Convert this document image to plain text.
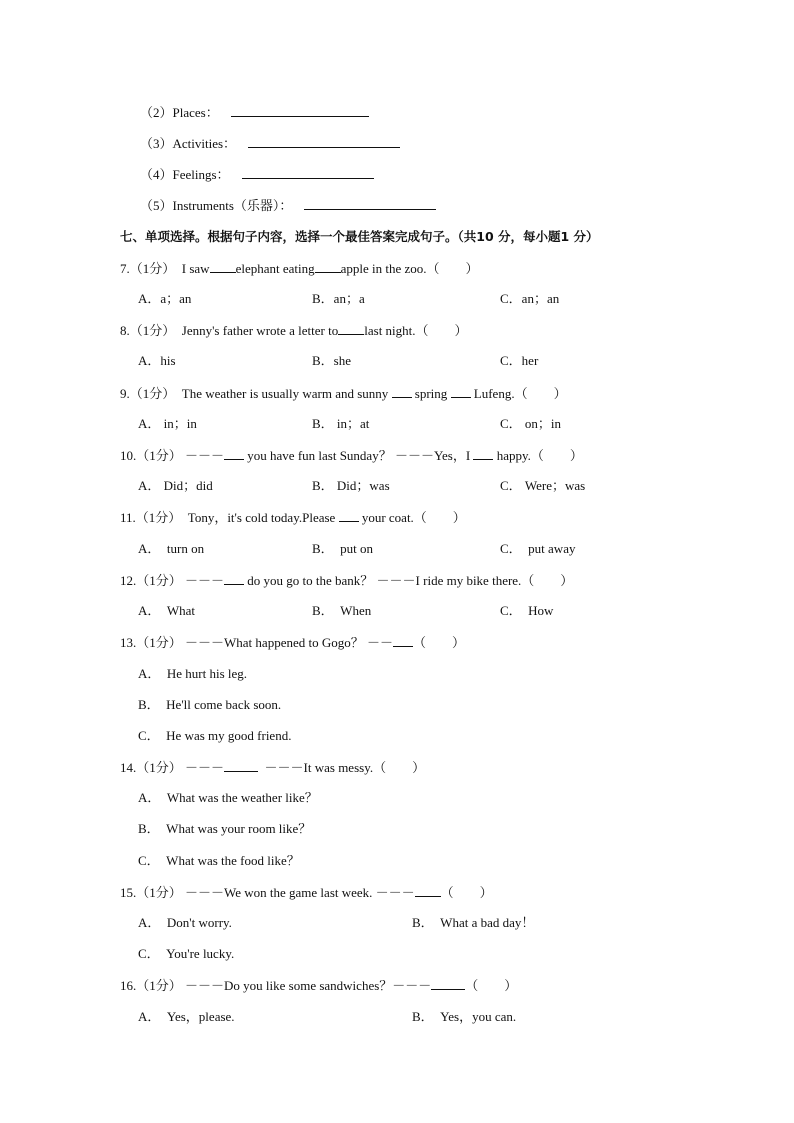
（2）Places：
（3）Activities：
（4）Feelings：
（5）Instruments（乐器）：
七、单项选择。根据句子内容，选择一个最佳答案完成句子。（共10 分，每小题1 分）
7.（1分） I saw elephant eating apple in the zoo.（　　）
A．a；an	B．an；a	C．an；an
8.（1分） Jenny's father wrote a letter to last night.（　　）
A．his	B．she	C．her
9.（1分） The weather is usually warm and sunny spring Lufeng.（　　）
A． in；in	B． in；at	C． on；in
10.（1分） －－－ you have fun last Sunday？ －－－Yes，I happy.（　　）
A． Did；did	B． Did；was	C． Were；was
11.（1分） Tony，it's cold today.Please your coat.（　　）
A． turn on	B． put on	C． put away
12.（1分） －－－ do you go to the bank？ －－－I ride my bike there.（　　）
A． What	B． When	C． How
13.（1分） －－－What happened to Gogo？ －－ （　　）
A． He hurt his leg.
B． He'll come back soon.
C． He was my good friend.
14.（1分） －－－	－－－It was messy.（　　）
A． What was the weather like？
B． What was your room like？
C． What was the food like？
15.（1分） －－－We won the game last week. －－－ （　　）
A． Don't worry.	B． What a bad day！
C． You're lucky.
16.（1分） －－－Do you like some sandwiches？－－－	（　　）
A． Yes，please.	B． Yes，you can.
